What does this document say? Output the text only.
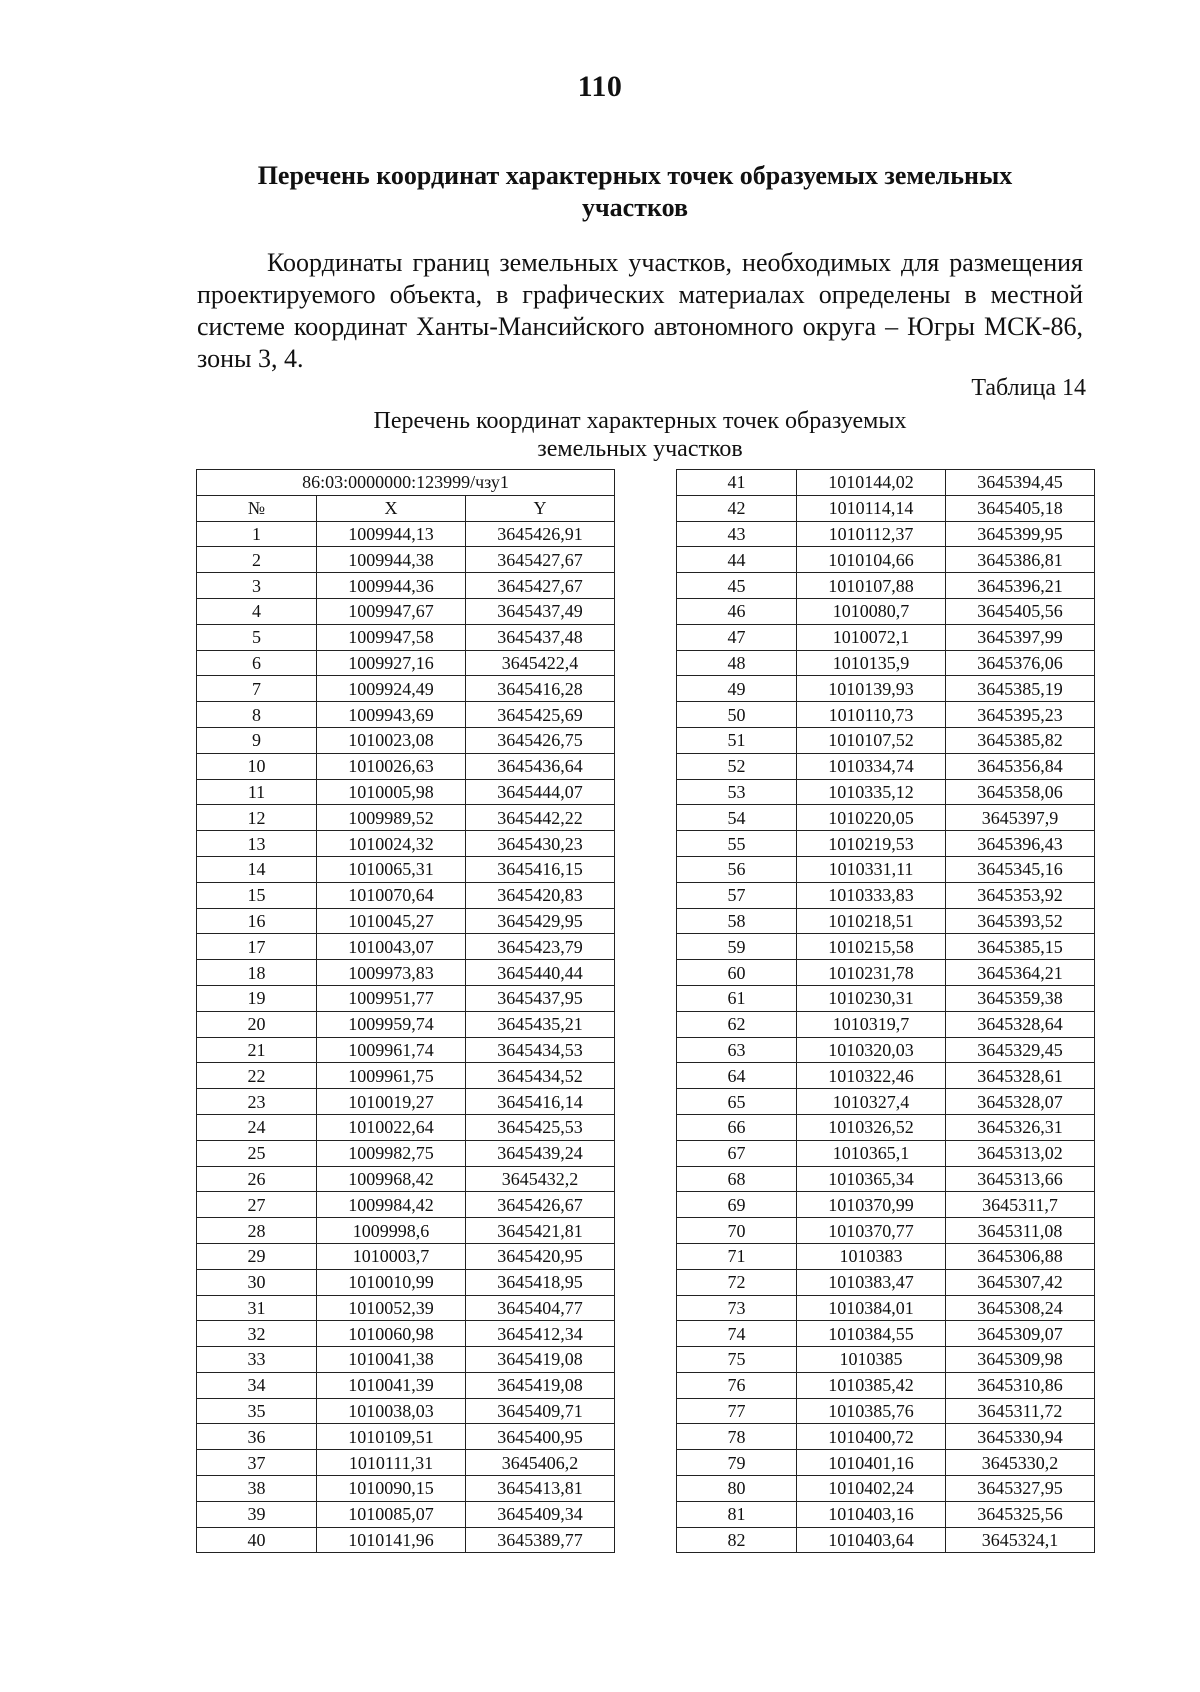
110
Перечень координат характерных точек образуемых земельных
участков
Координаты границ земельных участков, необходимых для размещения проектируемого объекта, в графических материалах определены в местной системе координат Ханты-Мансийского автономного округа – Югры МСК-86, зоны 3, 4.
Таблица 14
Перечень координат характерных точек образуемых
земельных участков
86:03:0000000:123999/чзу1		
№	X	Y
1	1009944,13	3645426,91
2	1009944,38	3645427,67
3	1009944,36	3645427,67
4	1009947,67	3645437,49
5	1009947,58	3645437,48
6	1009927,16	3645422,4
7	1009924,49	3645416,28
8	1009943,69	3645425,69
9	1010023,08	3645426,75
10	1010026,63	3645436,64
11	1010005,98	3645444,07
12	1009989,52	3645442,22
13	1010024,32	3645430,23
14	1010065,31	3645416,15
15	1010070,64	3645420,83
16	1010045,27	3645429,95
17	1010043,07	3645423,79
18	1009973,83	3645440,44
19	1009951,77	3645437,95
20	1009959,74	3645435,21
21	1009961,74	3645434,53
22	1009961,75	3645434,52
23	1010019,27	3645416,14
24	1010022,64	3645425,53
25	1009982,75	3645439,24
26	1009968,42	3645432,2
27	1009984,42	3645426,67
28	1009998,6	3645421,81
29	1010003,7	3645420,95
30	1010010,99	3645418,95
31	1010052,39	3645404,77
32	1010060,98	3645412,34
33	1010041,38	3645419,08
34	1010041,39	3645419,08
35	1010038,03	3645409,71
36	1010109,51	3645400,95
37	1010111,31	3645406,2
38	1010090,15	3645413,81
39	1010085,07	3645409,34
40	1010141,96	3645389,77
41	1010144,02	3645394,45
42	1010114,14	3645405,18
43	1010112,37	3645399,95
44	1010104,66	3645386,81
45	1010107,88	3645396,21
46	1010080,7	3645405,56
47	1010072,1	3645397,99
48	1010135,9	3645376,06
49	1010139,93	3645385,19
50	1010110,73	3645395,23
51	1010107,52	3645385,82
52	1010334,74	3645356,84
53	1010335,12	3645358,06
54	1010220,05	3645397,9
55	1010219,53	3645396,43
56	1010331,11	3645345,16
57	1010333,83	3645353,92
58	1010218,51	3645393,52
59	1010215,58	3645385,15
60	1010231,78	3645364,21
61	1010230,31	3645359,38
62	1010319,7	3645328,64
63	1010320,03	3645329,45
64	1010322,46	3645328,61
65	1010327,4	3645328,07
66	1010326,52	3645326,31
67	1010365,1	3645313,02
68	1010365,34	3645313,66
69	1010370,99	3645311,7
70	1010370,77	3645311,08
71	1010383	3645306,88
72	1010383,47	3645307,42
73	1010384,01	3645308,24
74	1010384,55	3645309,07
75	1010385	3645309,98
76	1010385,42	3645310,86
77	1010385,76	3645311,72
78	1010400,72	3645330,94
79	1010401,16	3645330,2
80	1010402,24	3645327,95
81	1010403,16	3645325,56
82	1010403,64	3645324,1
